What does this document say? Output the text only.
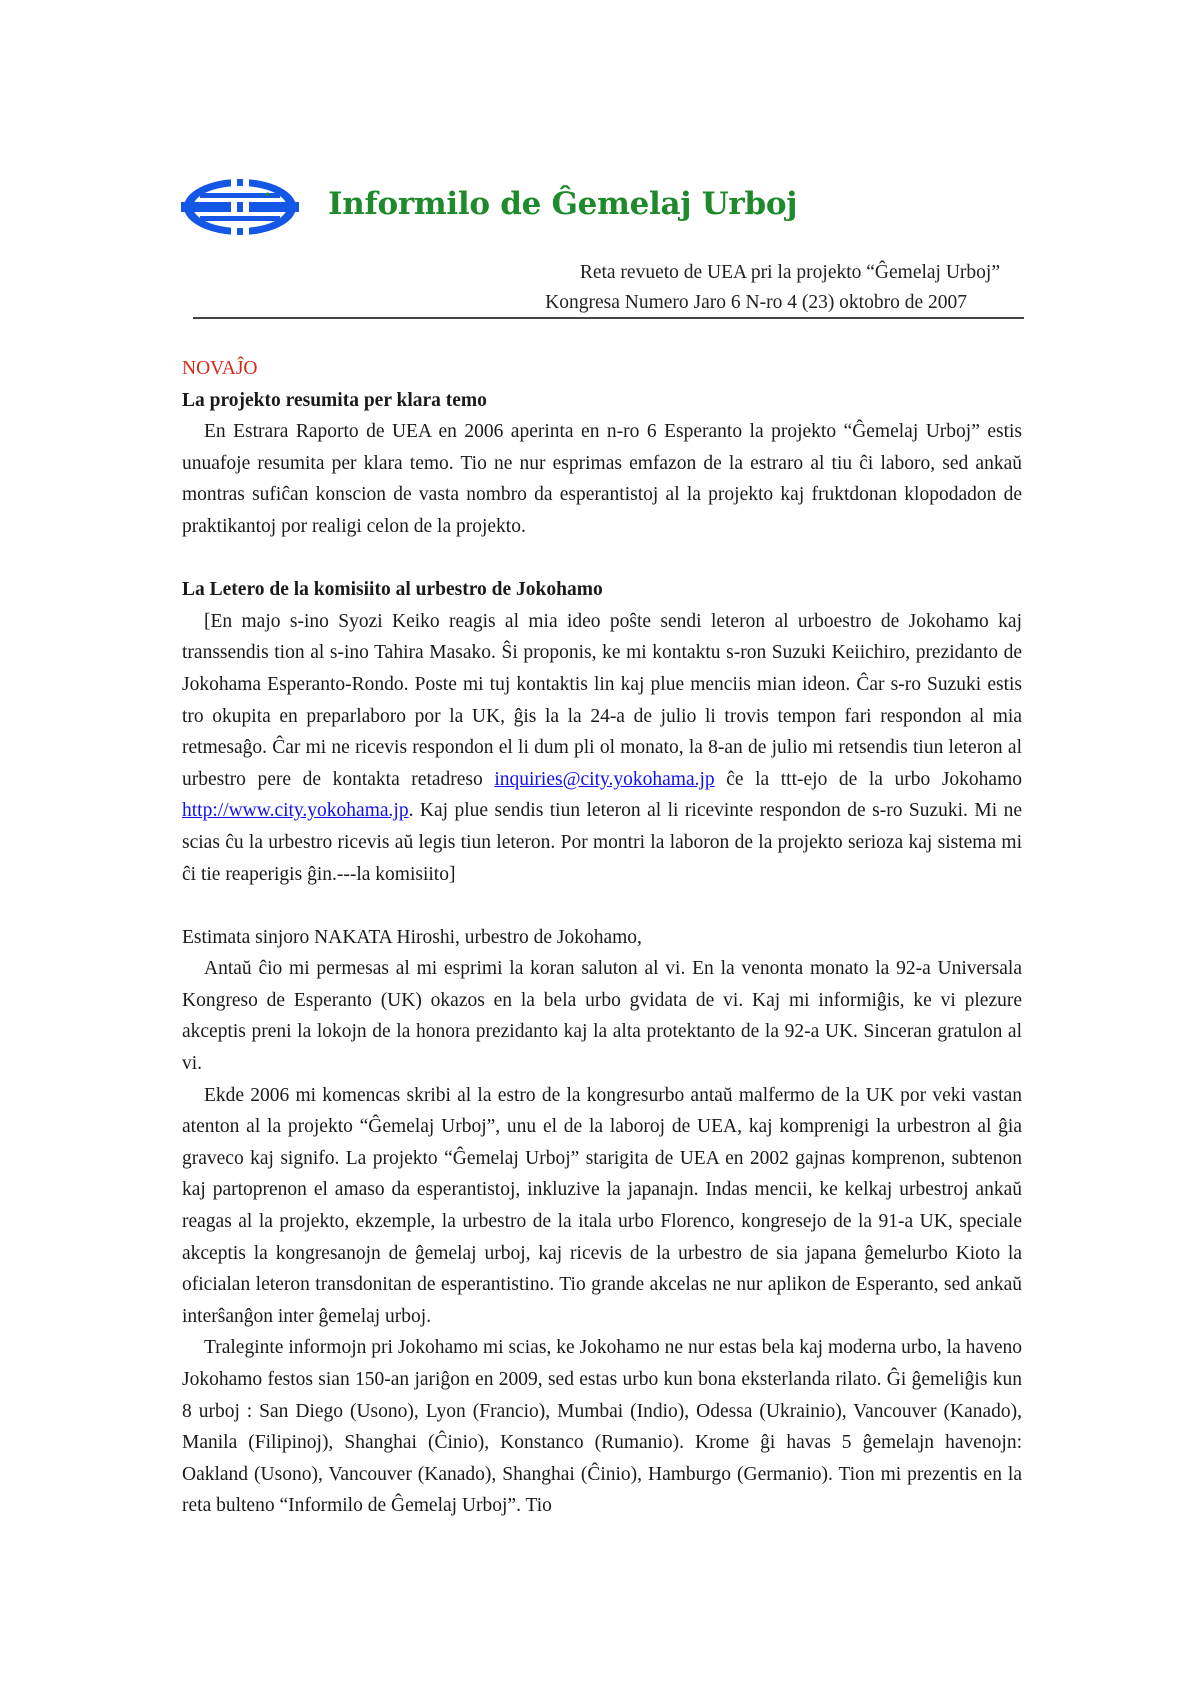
Informilo de Ĝemelaj Urboj
Reta revueto de UEA pri la projekto “Ĝemelaj Urboj”
Kongresa Numero Jaro 6 N-ro 4 (23) oktobro de 2007
NOVAĴO
La projekto resumita per klara temo

En Estrara Raporto de UEA en 2006 aperinta en n-ro 6 Esperanto la projekto “Ĝemelaj Urboj” estis unuafoje resumita per klara temo. Tio ne nur esprimas emfazon de la estraro al tiu ĉi laboro, sed ankaŭ montras sufiĉan konscion de vasta nombro da esperantistoj al la projekto kaj fruktdonan klopodadon de praktikantoj por realigi celon de la projekto.

La Letero de la komisiito al urbestro de Jokohamo

[En majo s-ino Syozi Keiko reagis al mia ideo poŝte sendi leteron al urboestro de Jokohamo kaj transsendis tion al s-ino Tahira Masako. Ŝi proponis, ke mi kontaktu s-ron Suzuki Keiichiro, prezidanto de Jokohama Esperanto-Rondo. Poste mi tuj kontaktis lin kaj plue menciis mian ideon. Ĉar s-ro Suzuki estis tro okupita en preparlaboro por la UK, ĝis la la 24-a de julio li trovis tempon fari respondon al mia retmesaĝo. Ĉar mi ne ricevis respondon el li dum pli ol monato, la 8-an de julio mi retsendis tiun leteron al urbestro pere de kontakta retadreso inquiries@city.yokohama.jp ĉe la ttt-ejo de la urbo Jokohamo http://www.city.yokohama.jp. Kaj plue sendis tiun leteron al li ricevinte respondon de s-ro Suzuki. Mi ne scias ĉu la urbestro ricevis aŭ legis tiun leteron. Por montri la laboron de la projekto serioza kaj sistema mi ĉi tie reaperigis ĝin.---la komisiito]

Estimata sinjoro NAKATA Hiroshi, urbestro de Jokohamo,

Antaŭ ĉio mi permesas al mi esprimi la koran saluton al vi. En la venonta monato la 92-a Universala Kongreso de Esperanto (UK) okazos en la bela urbo gvidata de vi. Kaj mi informiĝis, ke vi plezure akceptis preni la lokojn de la honora prezidanto kaj la alta protektanto de la 92-a UK. Sinceran gratulon al vi.

Ekde 2006 mi komencas skribi al la estro de la kongresurbo antaŭ malfermo de la UK por veki vastan atenton al la projekto “Ĝemelaj Urboj”, unu el de la laboroj de UEA, kaj komprenigi la urbestron al ĝia graveco kaj signifo. La projekto “Ĝemelaj Urboj” starigita de UEA en 2002 gajnas komprenon, subtenon kaj partoprenon el amaso da esperantistoj, inkluzive la japanajn. Indas mencii, ke kelkaj urbestroj ankaŭ reagas al la projekto, ekzemple, la urbestro de la itala urbo Florenco, kongresejo de la 91-a UK, speciale akceptis la kongresanojn de ĝemelaj urboj, kaj ricevis de la urbestro de sia japana ĝemelurbo Kioto la oficialan leteron transdonitan de esperantistino. Tio grande akcelas ne nur aplikon de Esperanto, sed ankaŭ interŝanĝon inter ĝemelaj urboj.

Traleginte informojn pri Jokohamo mi scias, ke Jokohamo ne nur estas bela kaj moderna urbo, la haveno Jokohamo festos sian 150-an jariĝon en 2009, sed estas urbo kun bona eksterlanda rilato. Ĝi ĝemeliĝis kun 8 urboj : San Diego (Usono), Lyon (Francio), Mumbai (Indio), Odessa (Ukrainio), Vancouver (Kanado), Manila (Filipinoj), Shanghai (Ĉinio), Konstanco (Rumanio). Krome ĝi havas 5 ĝemelajn havenojn: Oakland (Usono), Vancouver (Kanado), Shanghai (Ĉinio), Hamburgo (Germanio). Tion mi prezentis en la reta bulteno “Informilo de Ĝemelaj Urboj”. Tio
